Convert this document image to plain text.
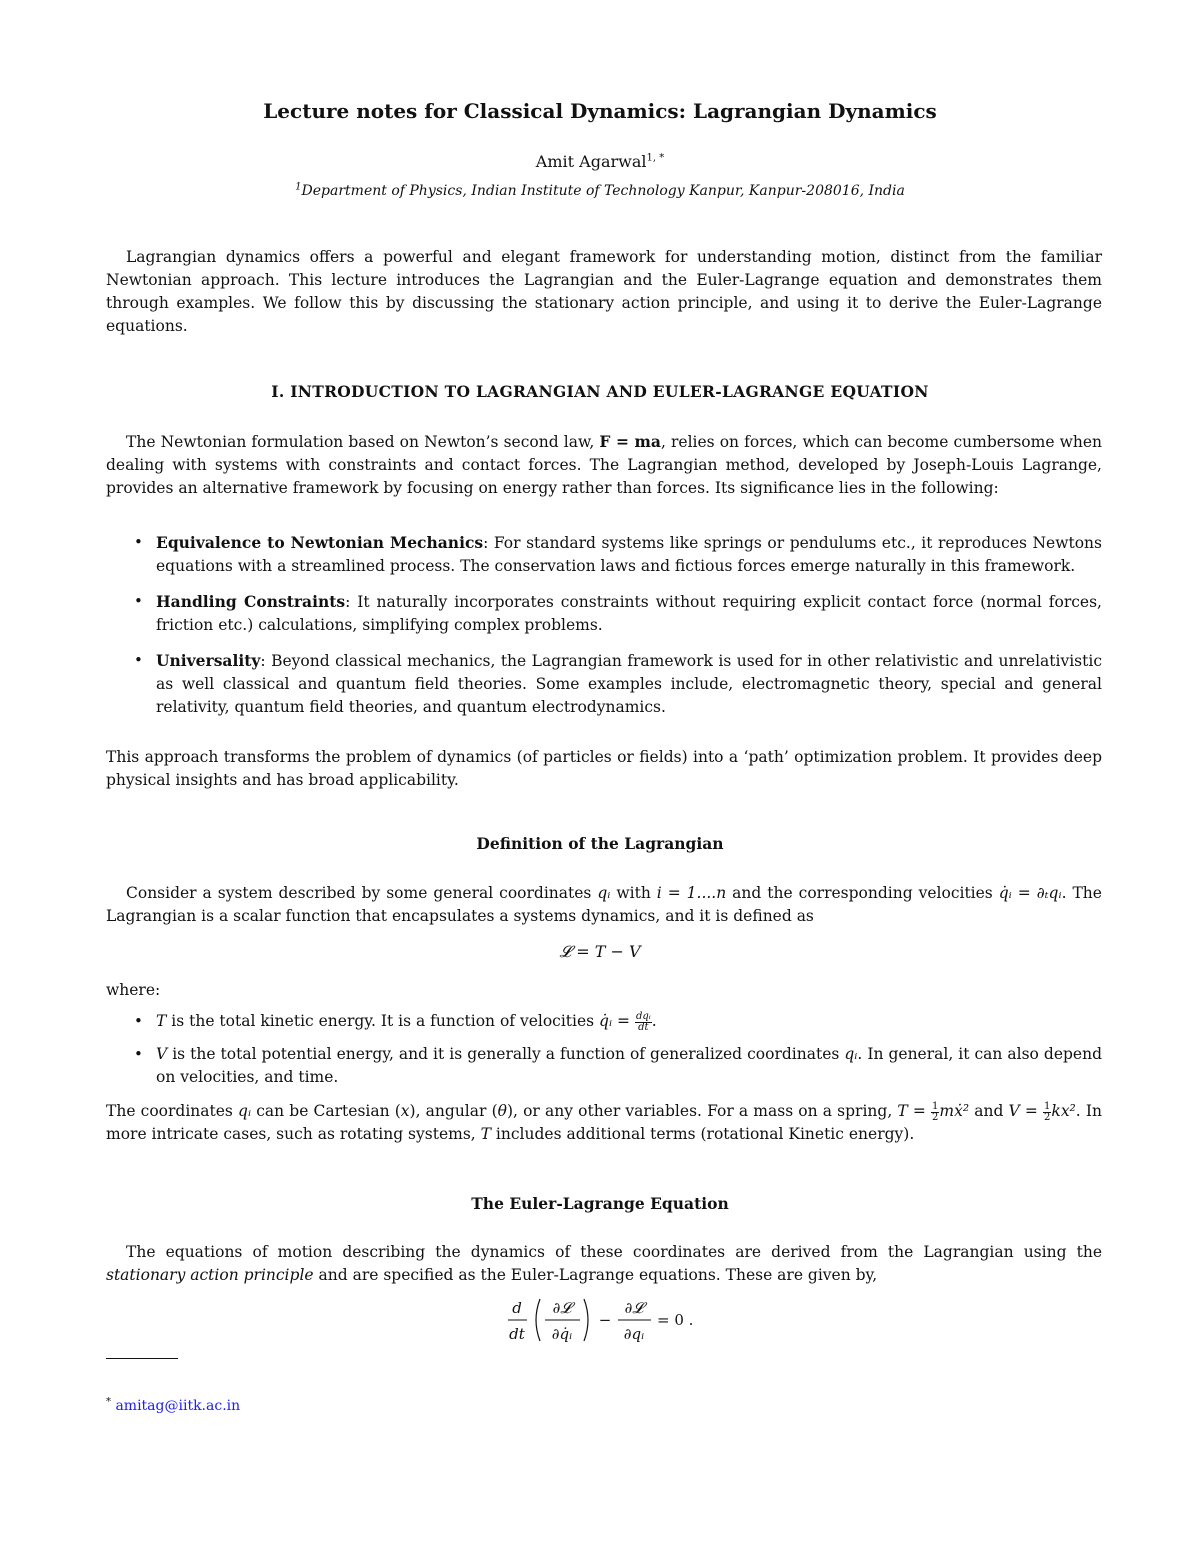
Lecture notes for Classical Dynamics: Lagrangian Dynamics
Amit Agarwal$^{1, *}$
$^1$Department of Physics, Indian Institute of Technology Kanpur, Kanpur-208016, India
Lagrangian dynamics offers a powerful and elegant framework for understanding motion, distinct from the familiar Newtonian approach. This lecture introduces the Lagrangian and the Euler-Lagrange equation and demonstrates them through examples. We follow this by discussing the stationary action principle, and using it to derive the Euler-Lagrange equations.
I. INTRODUCTION TO LAGRANGIAN AND EULER-LAGRANGE EQUATION
The Newtonian formulation based on Newton’s second law, F = ma, relies on forces, which can become cumbersome when dealing with systems with constraints and contact forces. The Lagrangian method, developed by Joseph-Louis Lagrange, provides an alternative framework by focusing on energy rather than forces. Its significance lies in the following:
• Equivalence to Newtonian Mechanics: For standard systems like springs or pendulums etc., it reproduces Newtons equations with a streamlined process. The conservation laws and fictious forces emerge naturally in this framework.
• Handling Constraints: It naturally incorporates constraints without requiring explicit contact force (normal forces, friction etc.) calculations, simplifying complex problems.
• Universality: Beyond classical mechanics, the Lagrangian framework is used for in other relativistic and unrelativistic as well classical and quantum field theories. Some examples include, electromagnetic theory, special and general relativity, quantum field theories, and quantum electrodynamics.
This approach transforms the problem of dynamics (of particles or fields) into a ‘path’ optimization problem. It provides deep physical insights and has broad applicability.
Definition of the Lagrangian
Consider a system described by some general coordinates qᵢ with i = 1....n and the corresponding velocities q̇ᵢ = ∂ₜqᵢ. The Lagrangian is a scalar function that encapsulates a systems dynamics, and it is defined as
𝓛 = T − V
where:
• T is the total kinetic energy. It is a function of velocities q̇ᵢ = $\frac{\text{dqᵢ}}{dt}$ .
• V is the total potential energy, and it is generally a function of generalized coordinates qᵢ. In general, it can also depend on velocities, and time.
The coordinates qᵢ can be Cartesian (x), angular (θ), or any other variables. For a mass on a spring, $T = \frac{1}{2}$ mẋ² and $V = \frac{1}{2} kx^2$. In more intricate cases, such as rotating systems, T includes additional terms (rotational Kinetic energy).
The Euler-Lagrange Equation
The equations of motion describing the dynamics of these coordinates are derived from the Lagrangian using the stationary action principle and are specified as the Euler-Lagrange equations. These are given by,
d
dt
∂𝓛
∂q̇ᵢ
−
∂𝓛
∂qᵢ
= 0 .
* amitag@iitk.ac.in
